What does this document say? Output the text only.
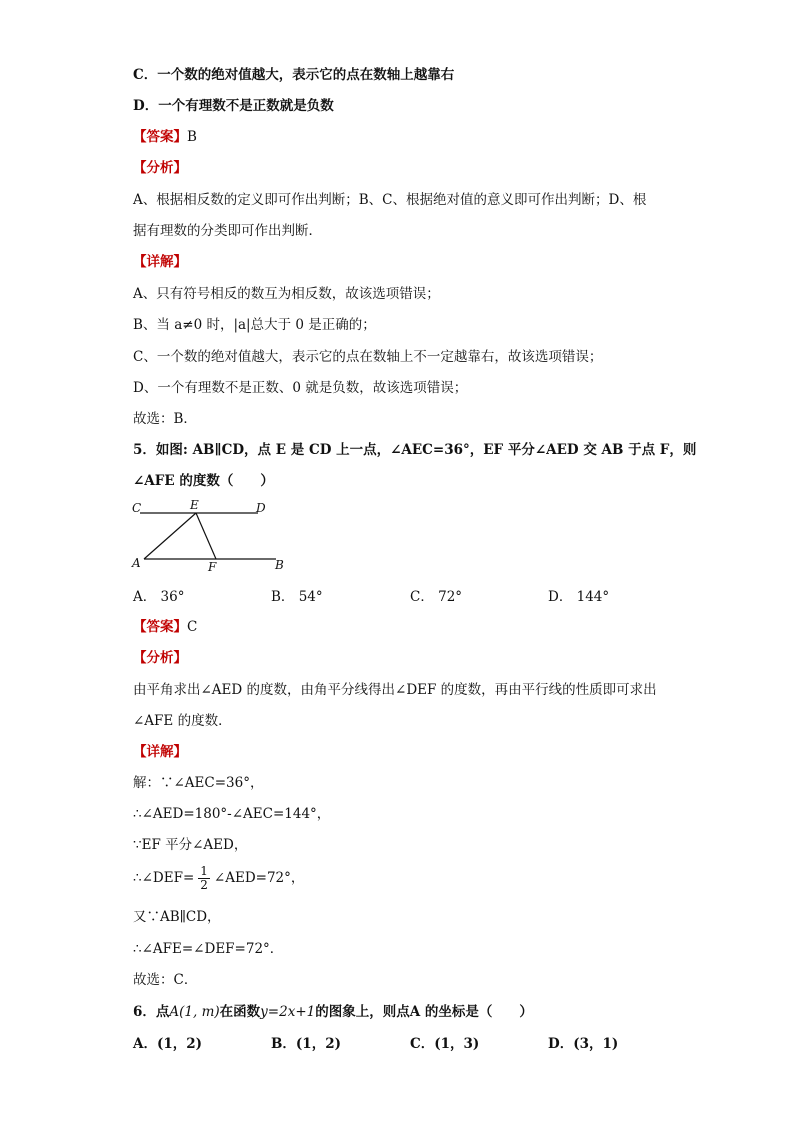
C．一个数的绝对值越大，表示它的点在数轴上越靠右
D．一个有理数不是正数就是负数
【答案】B
【分析】
A、根据相反数的定义即可作出判断；B、C、根据绝对值的意义即可作出判断；D、根
据有理数的分类即可作出判断．
【详解】
A、只有符号相反的数互为相反数，故该选项错误；
B、当 a≠0 时，|a|总大于 0 是正确的；
C、一个数的绝对值越大，表示它的点在数轴上不一定越靠右，故该选项错误；
D、一个有理数不是正数、0 就是负数，故该选项错误；
故选：B．
5．如图: AB∥CD，点 E 是 CD 上一点，∠AEC=36°，EF 平分∠AED 交 AB 于点 F，则
∠AFE 的度数（　　）
C	E	D
A	F	B
A． 36°	B． 54°	C． 72°	D． 144°
【答案】C
【分析】
由平角求出∠AED 的度数，由角平分线得出∠DEF 的度数，再由平行线的性质即可求出
∠AFE 的度数．
【详解】
解：∵∠AEC=36°，
∴∠AED=180°-∠AEC=144°，
∵EF 平分∠AED，
∴∠DEF= $\frac{1}{2}$ ∠AED=72°，
又∵AB∥CD，
∴∠AFE=∠DEF=72°．
故选：C．
6．点A(1, m)在函数y=2x+1的图象上，则点A 的坐标是（　　）
A．(1，2)	B．(1，2)	C．(1，3)	D．(3，1)
